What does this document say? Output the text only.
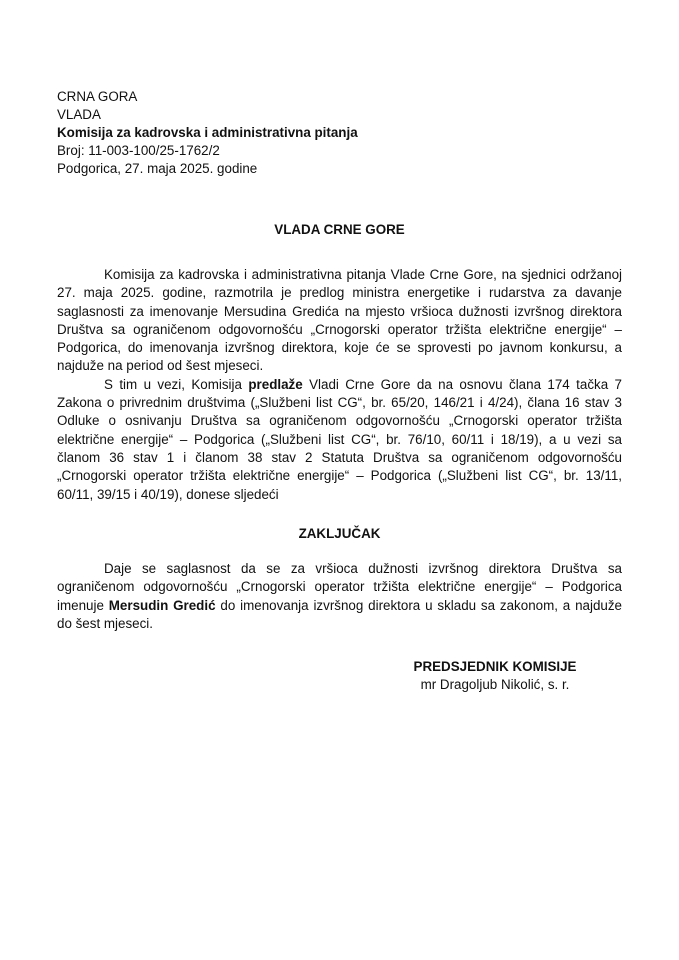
CRNA GORA
VLADA
Komisija za kadrovska i administrativna pitanja
Broj: 11-003-100/25-1762/2
Podgorica, 27. maja 2025. godine
VLADA CRNE GORE

Komisija za kadrovska i administrativna pitanja Vlade Crne Gore, na sjednici održanoj 27. maja 2025. godine, razmotrila je predlog ministra energetike i rudarstva za davanje saglasnosti za imenovanje Mersudina Gredića na mjesto vršioca dužnosti izvršnog direktora Društva sa ograničenom odgovornošću „Crnogorski operator tržišta električne energije“ – Podgorica, do imenovanja izvršnog direktora, koje će se sprovesti po javnom konkursu, a najduže na period od šest mjeseci.

S tim u vezi, Komisija predlaže Vladi Crne Gore da na osnovu člana 174 tačka 7 Zakona o privrednim društvima („Službeni list CG“, br. 65/20, 146/21 i 4/24), člana 16 stav 3 Odluke o osnivanju Društva sa ograničenom odgovornošću „Crnogorski operator tržišta električne energije“ – Podgorica („Službeni list CG“, br. 76/10, 60/11 i 18/19), a u vezi sa članom 36 stav 1 i članom 38 stav 2 Statuta Društva sa ograničenom odgovornošću „Crnogorski operator tržišta električne energije“ – Podgorica („Službeni list CG“, br. 13/11, 60/11, 39/15 i 40/19), donese sljedeći

ZAKLJUČAK

Daje se saglasnost da se za vršioca dužnosti izvršnog direktora Društva sa ograničenom odgovornošću „Crnogorski operator tržišta električne energije“ – Podgorica imenuje Mersudin Gredić do imenovanja izvršnog direktora u skladu sa zakonom, a najduže do šest mjeseci.

PREDSJEDNIK KOMISIJE
mr Dragoljub Nikolić, s. r.
